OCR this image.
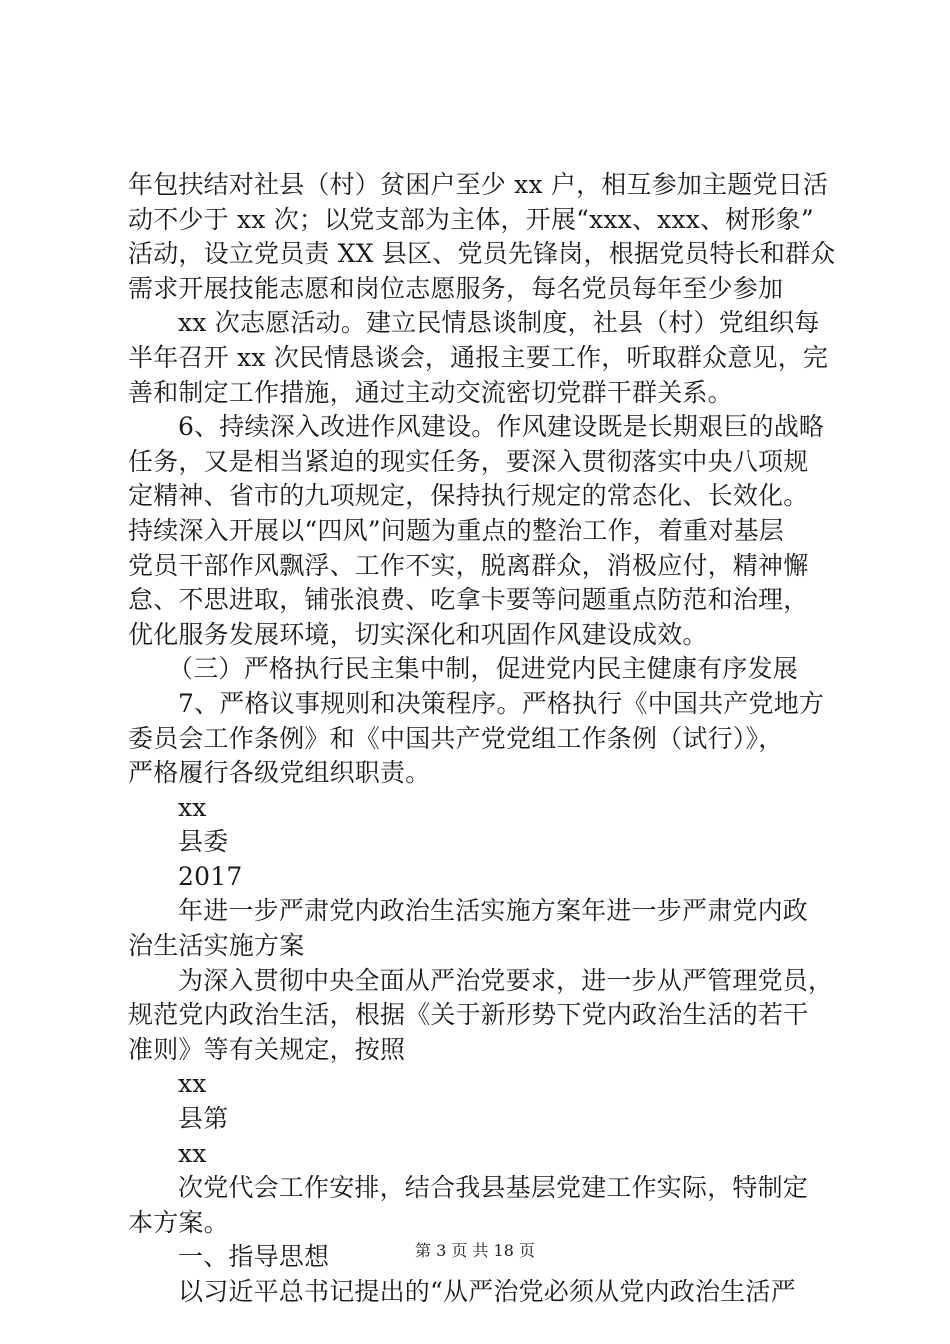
年包扶结对社县（村）贫困户至少 xx 户，相互参加主题党日活
动不少于 xx 次；以党支部为主体，开展“xxx、xxx、树形象”
活动，设立党员责 XX 县区、党员先锋岗，根据党员特长和群众
需求开展技能志愿和岗位志愿服务，每名党员每年至少参加
xx 次志愿活动。建立民情恳谈制度，社县（村）党组织每
半年召开 xx 次民情恳谈会，通报主要工作，听取群众意见，完
善和制定工作措施，通过主动交流密切党群干群关系。
6、持续深入改进作风建设。作风建设既是长期艰巨的战略
任务，又是相当紧迫的现实任务，要深入贯彻落实中央八项规
定精神、省市的九项规定，保持执行规定的常态化、长效化。
持续深入开展以“四风”问题为重点的整治工作，着重对基层
党员干部作风飘浮、工作不实，脱离群众，消极应付，精神懈
怠、不思进取，铺张浪费、吃拿卡要等问题重点防范和治理，
优化服务发展环境，切实深化和巩固作风建设成效。
（三）严格执行民主集中制，促进党内民主健康有序发展
7、严格议事规则和决策程序。严格执行《中国共产党地方
委员会工作条例》和《中国共产党党组工作条例（试行）》，
严格履行各级党组织职责。
xx
县委
2017
年进一步严肃党内政治生活实施方案年进一步严肃党内政
治生活实施方案
为深入贯彻中央全面从严治党要求，进一步从严管理党员，
规范党内政治生活，根据《关于新形势下党内政治生活的若干
准则》等有关规定，按照
xx
县第
xx
次党代会工作安排，结合我县基层党建工作实际，特制定
本方案。
一、指导思想
以习近平总书记提出的“从严治党必须从党内政治生活严
第 3 页 共 18 页
